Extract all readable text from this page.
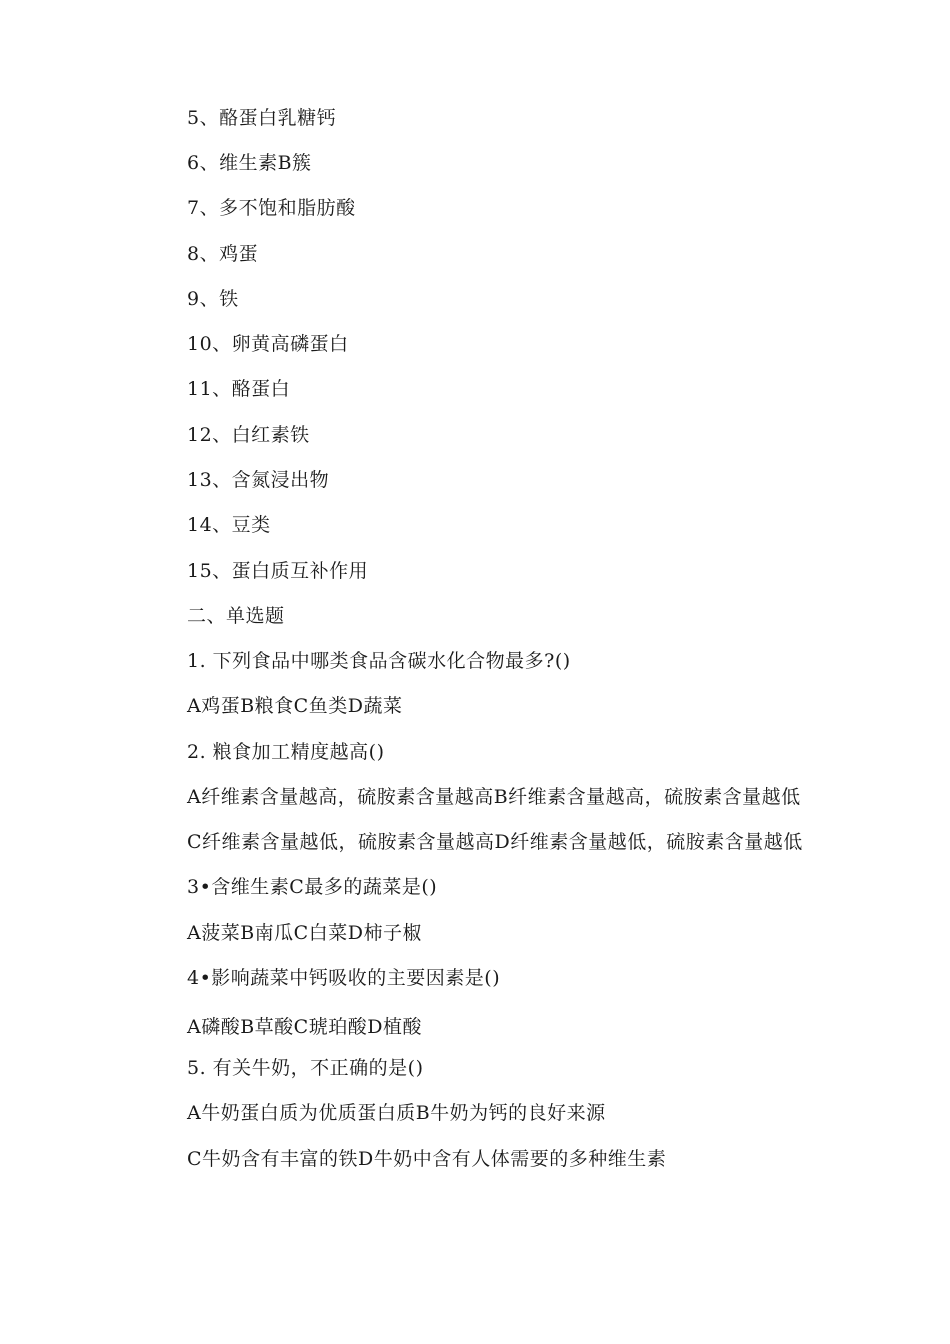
5、酪蛋白乳糖钙
6、维生素B簇
7、多不饱和脂肪酸
8、鸡蛋
9、铁
10、卵黄高磷蛋白
11、酪蛋白
12、白红素铁
13、含氮浸出物
14、豆类
15、蛋白质互补作用
二、单选题
1. 下列食品中哪类食品含碳水化合物最多?()
A鸡蛋B粮食C鱼类D蔬菜
2. 粮食加工精度越高()
A纤维素含量越高，硫胺素含量越高B纤维素含量越高，硫胺素含量越低
C纤维素含量越低，硫胺素含量越高D纤维素含量越低，硫胺素含量越低
3•含维生素C最多的蔬菜是()
A菠菜B南瓜C白菜D柿子椒
4•影响蔬菜中钙吸收的主要因素是()
A磷酸B草酸C琥珀酸D植酸
5. 有关牛奶，不正确的是()
A牛奶蛋白质为优质蛋白质B牛奶为钙的良好来源
C牛奶含有丰富的铁D牛奶中含有人体需要的多种维生素
